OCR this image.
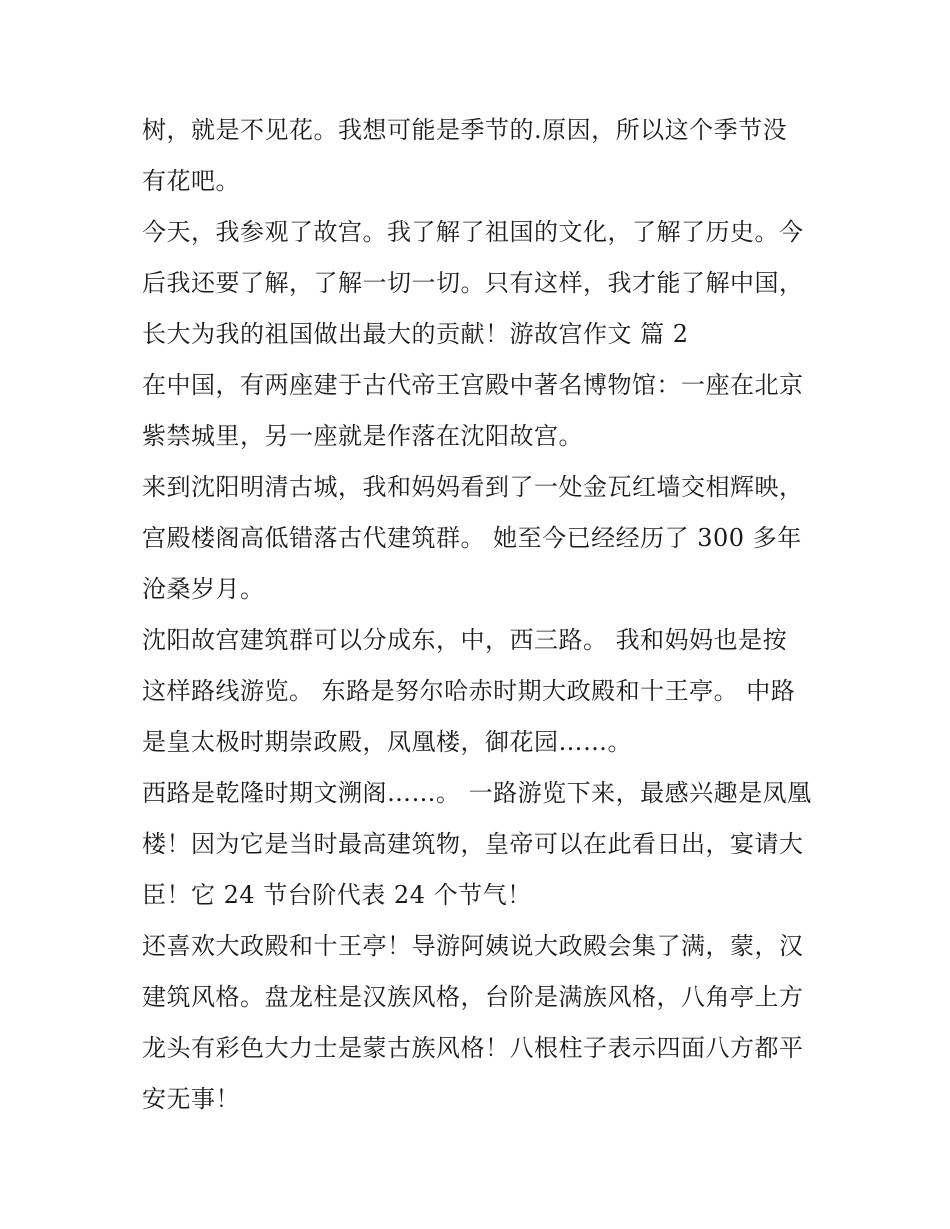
树，就是不见花。我想可能是季节的.原因，所以这个季节没
有花吧。
今天，我参观了故宫。我了解了祖国的文化，了解了历史。今
后我还要了解，了解一切一切。只有这样，我才能了解中国，
长大为我的祖国做出最大的贡献！游故宫作文 篇 2
在中国，有两座建于古代帝王宫殿中著名博物馆：一座在北京
紫禁城里，另一座就是作落在沈阳故宫。
来到沈阳明清古城，我和妈妈看到了一处金瓦红墙交相辉映，
宫殿楼阁高低错落古代建筑群。 她至今已经经历了 300 多年
沧桑岁月。
沈阳故宫建筑群可以分成东，中，西三路。 我和妈妈也是按
这样路线游览。 东路是努尔哈赤时期大政殿和十王亭。 中路
是皇太极时期崇政殿，凤凰楼，御花园……。
西路是乾隆时期文溯阁……。 一路游览下来，最感兴趣是凤凰
楼！因为它是当时最高建筑物，皇帝可以在此看日出，宴请大
臣！它 24 节台阶代表 24 个节气！
还喜欢大政殿和十王亭！导游阿姨说大政殿会集了满，蒙，汉
建筑风格。盘龙柱是汉族风格，台阶是满族风格，八角亭上方
龙头有彩色大力士是蒙古族风格！八根柱子表示四面八方都平
安无事！
